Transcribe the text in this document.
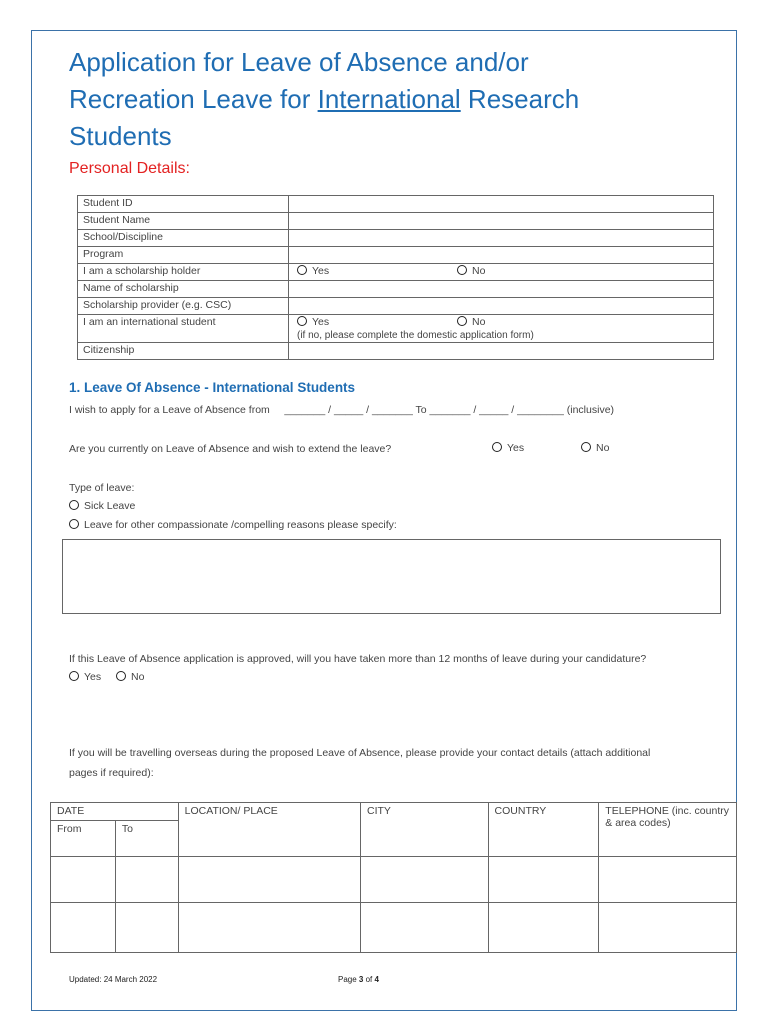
Application for Leave of Absence and/or
Recreation Leave for International Research
Students
Personal Details:
Student ID	
Student Name	
School/Discipline	
Program	
I am a scholarship holder	Yes No
Name of scholarship	
Scholarship provider (e.g. CSC)	
I am an international student	Yes No
(if no, please complete the domestic application form)

Citizenship	
1. Leave Of Absence - International Students
I wish to apply for a Leave of Absence from     _______ / _____ / _______ To _______ / _____ / ________ (inclusive)
Are you currently on Leave of Absence and wish to extend the leave?	Yes	No
Type of leave:
Sick Leave
Leave for other compassionate /compelling reasons please specify:
If this Leave of Absence application is approved, will you have taken more than 12 months of leave during your candidature?
Yes	No
If you will be travelling overseas during the proposed Leave of Absence, please provide your contact details (attach additional
pages if required):
DATE		LOCATION/ PLACE	CITY	COUNTRY	TELEPHONE (inc. country & area codes)
From	To				

Updated: 24 March 2022	Page 3 of 4
